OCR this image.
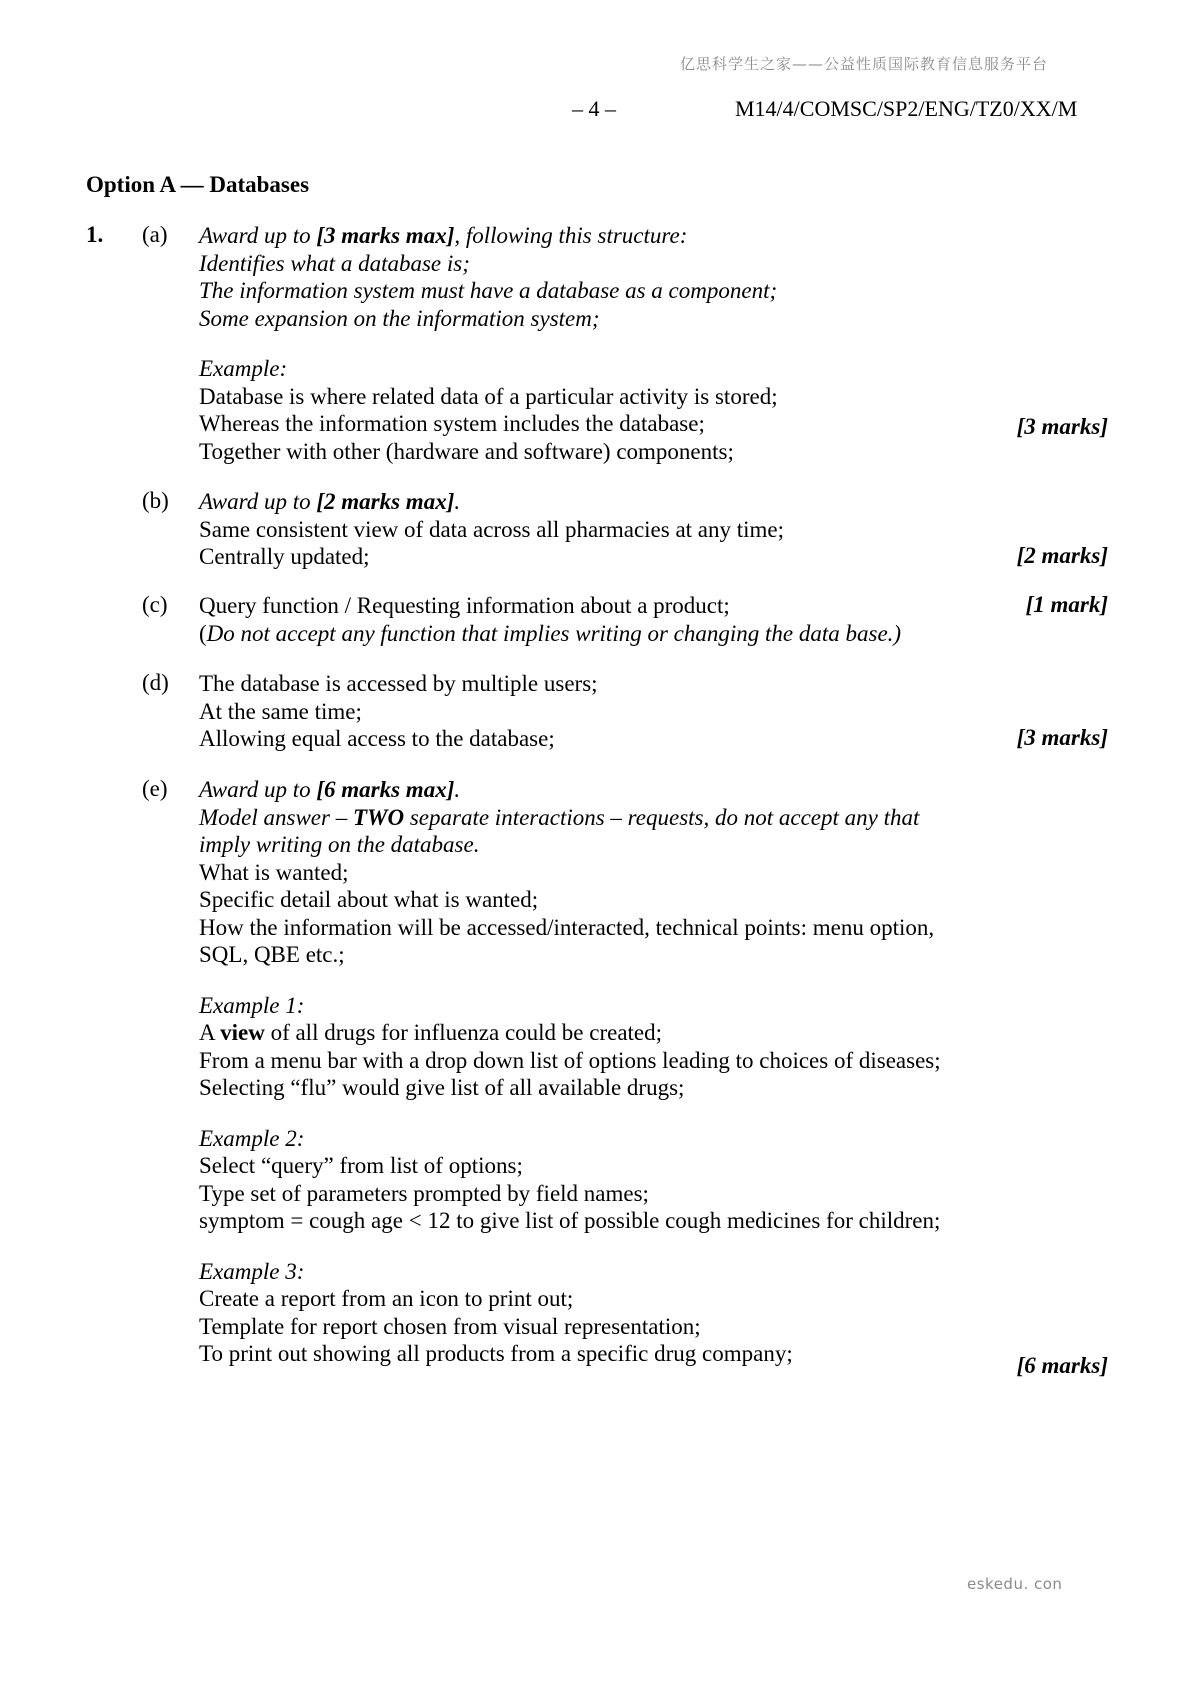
亿思科学生之家——公益性质国际教育信息服务平台
– 4 –	M14/4/COMSC/SP2/ENG/TZ0/XX/M
Option A — Databases
1. (a) Award up to [3 marks max], following this structure:
Identifies what a database is;
The information system must have a database as a component;
Some expansion on the information system;
Example:
Database is where related data of a particular activity is stored;
Whereas the information system includes the database;
Together with other (hardware and software) components;
[3 marks]
(b) Award up to [2 marks max].
Same consistent view of data across all pharmacies at any time;
Centrally updated;	[2 marks]
(c) Query function / Requesting information about a product;
(Do not accept any function that implies writing or changing the data base.)
[1 mark]
(d) The database is accessed by multiple users;
At the same time;
Allowing equal access to the database;	[3 marks]
(e) Award up to [6 marks max].
Model answer – TWO separate interactions – requests, do not accept any that
imply writing on the database.
What is wanted;
Specific detail about what is wanted;
How the information will be accessed/interacted, technical points: menu option,
SQL, QBE etc.;
Example 1:
A view of all drugs for influenza could be created;
From a menu bar with a drop down list of options leading to choices of diseases;
Selecting “flu” would give list of all available drugs;
Example 2:
Select “query” from list of options;
Type set of parameters prompted by field names;
symptom = cough age < 12 to give list of possible cough medicines for children;
Example 3:
Create a report from an icon to print out;
Template for report chosen from visual representation;
To print out showing all products from a specific drug company;	[6 marks]
eskedu. con
